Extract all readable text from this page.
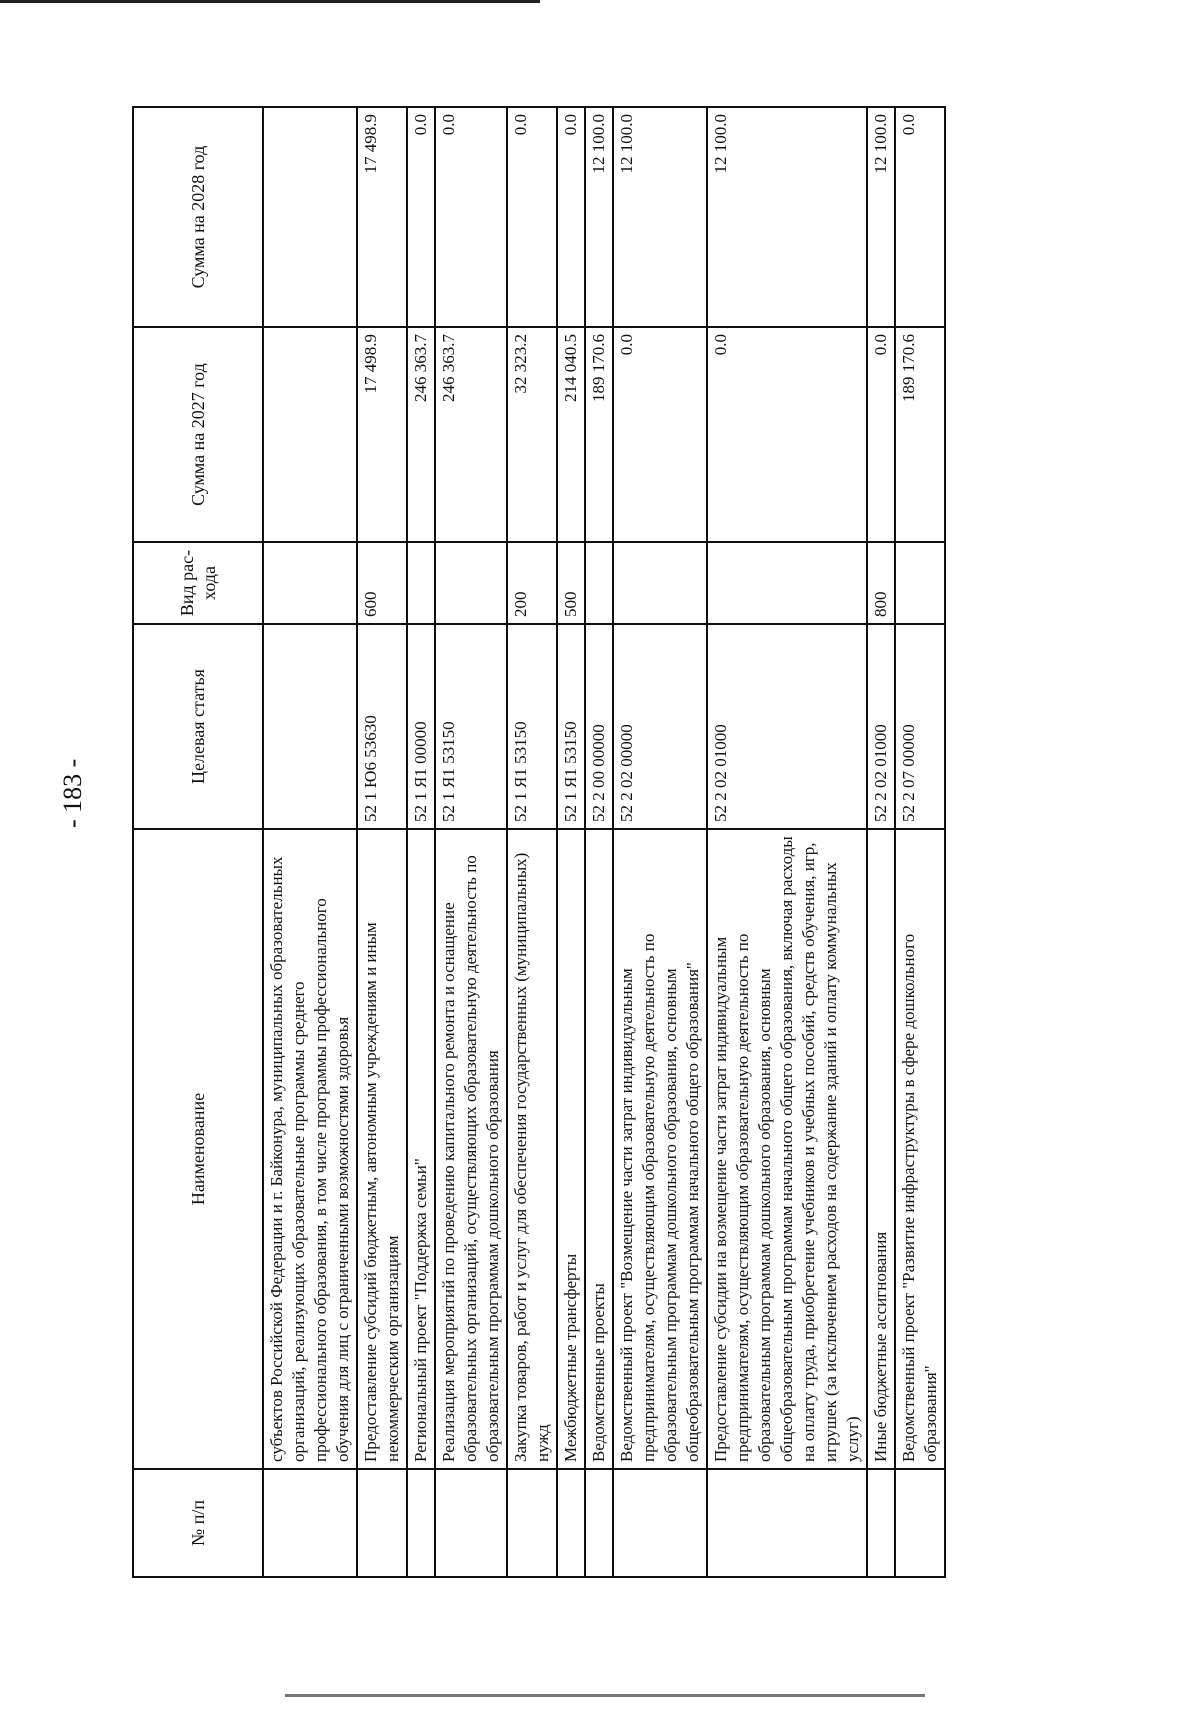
- 183 -
№ п/п	Наименование	Целевая статья	Вид рас- хода	Сумма на 2027 год	Сумма на 2028 год
	субъектов Российской Федерации и г. Байконура, муниципальных образовательных организаций, реализующих образовательные программы среднего профессионального образования, в том числе программы профессионального обучения для лиц с ограниченными возможностями здоровья				
	Предоставление субсидий бюджетным, автономным учреждениям и иным некоммерческим организациям	52 1 Ю6 53630	600	17 498.9	17 498.9
	Региональный проект "Поддержка семьи"	52 1 Я1 00000		246 363.7	0.0
	Реализация мероприятий по проведению капитального ремонта и оснащение образовательных организаций, осуществляющих образовательную деятельность по образовательным программам дошкольного образования	52 1 Я1 53150		246 363.7	0.0
	Закупка товаров, работ и услуг для обеспечения государственных (муниципальных) нужд	52 1 Я1 53150	200	32 323.2	0.0
	Межбюджетные трансферты	52 1 Я1 53150	500	214 040.5	0.0
	Ведомственные проекты	52 2 00 00000		189 170.6	12 100.0
	Ведомственный проект "Возмещение части затрат индивидуальным предпринимателям, осуществляющим образовательную деятельность по образовательным программам дошкольного образования, основным общеобразовательным программам начального общего образования"	52 2 02 00000		0.0	12 100.0
	Предоставление субсидии на возмещение части затрат индивидуальным предпринимателям, осуществляющим образовательную деятельность по образовательным программам дошкольного образования, основным общеобразовательным программам начального общего образования, включая расходы на оплату труда, приобретение учебников и учебных пособий, средств обучения, игр, игрушек (за исключением расходов на содержание зданий и оплату коммунальных услуг)	52 2 02 01000		0.0	12 100.0
	Иные бюджетные ассигнования	52 2 02 01000	800	0.0	12 100.0
	Ведомственный проект "Развитие инфраструктуры в сфере дошкольного образования"	52 2 07 00000		189 170.6	0.0
